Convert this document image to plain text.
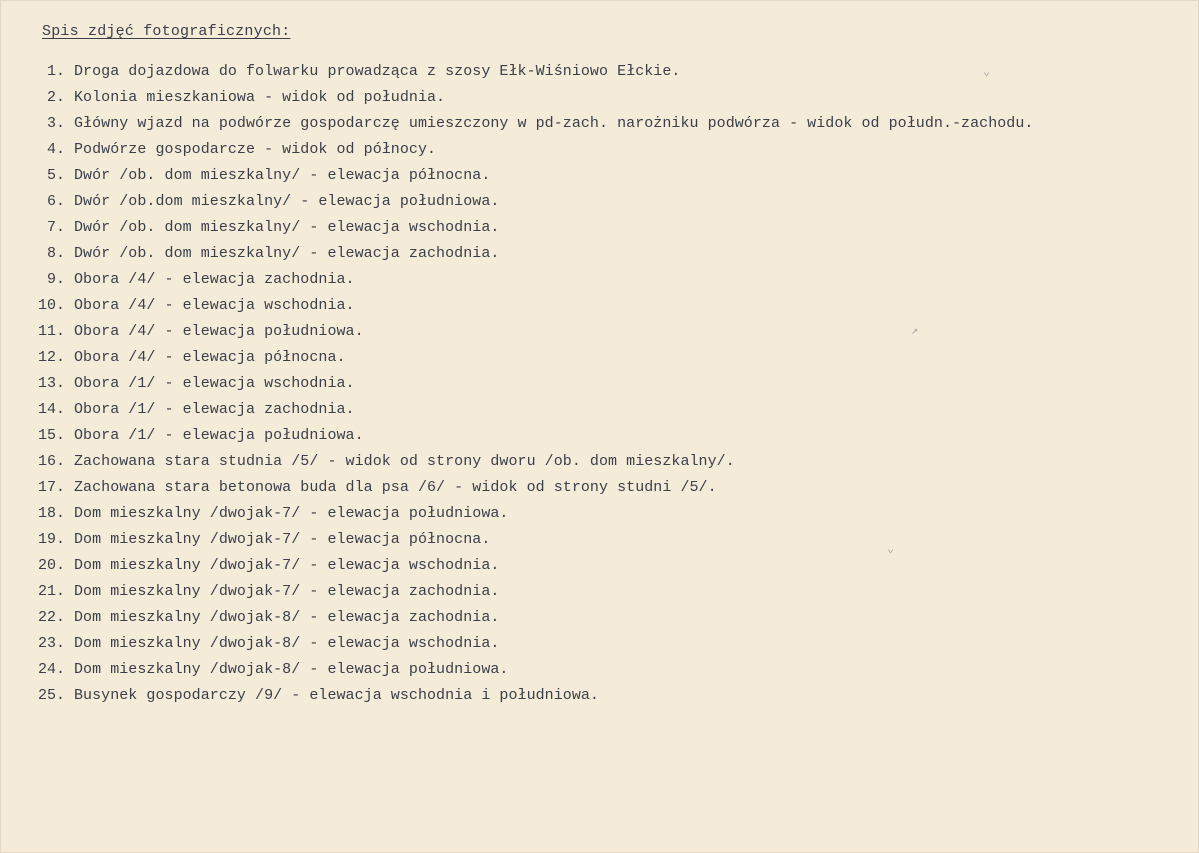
Spis zdjęć fotograficznych:
1. Droga dojazdowa do folwarku prowadząca z szosy Ełk-Wiśniowo Ełckie.
2. Kolonia mieszkaniowa - widok od południa.
3. Główny wjazd na podwórze gospodarczę umieszczony w pd-zach. narożniku podwórza - widok od połudn.-zachodu.
4. Podwórze gospodarcze - widok od północy.
5. Dwór /ob. dom mieszkalny/ - elewacja północna.
6. Dwór /ob.dom mieszkalny/ - elewacja południowa.
7. Dwór /ob. dom mieszkalny/ - elewacja wschodnia.
8. Dwór /ob. dom mieszkalny/ - elewacja zachodnia.
9. Obora /4/ - elewacja zachodnia.
10. Obora /4/ - elewacja wschodnia.
11. Obora /4/ - elewacja południowa.
12. Obora /4/ - elewacja północna.
13. Obora /1/ - elewacja wschodnia.
14. Obora /1/ - elewacja zachodnia.
15. Obora /1/ - elewacja południowa.
16. Zachowana stara studnia /5/ - widok od strony dworu /ob. dom mieszkalny/.
17. Zachowana stara betonowa buda dla psa /6/ - widok od strony studni /5/.
18. Dom mieszkalny /dwojak-7/ - elewacja południowa.
19. Dom mieszkalny /dwojak-7/ - elewacja północna.
20. Dom mieszkalny /dwojak-7/ - elewacja wschodnia.
21. Dom mieszkalny /dwojak-7/ - elewacja zachodnia.
22. Dom mieszkalny /dwojak-8/ - elewacja zachodnia.
23. Dom mieszkalny /dwojak-8/ - elewacja wschodnia.
24. Dom mieszkalny /dwojak-8/ - elewacja południowa.
25. Busynek gospodarczy /9/ - elewacja wschodnia i południowa.
↗
⌄
⌄
